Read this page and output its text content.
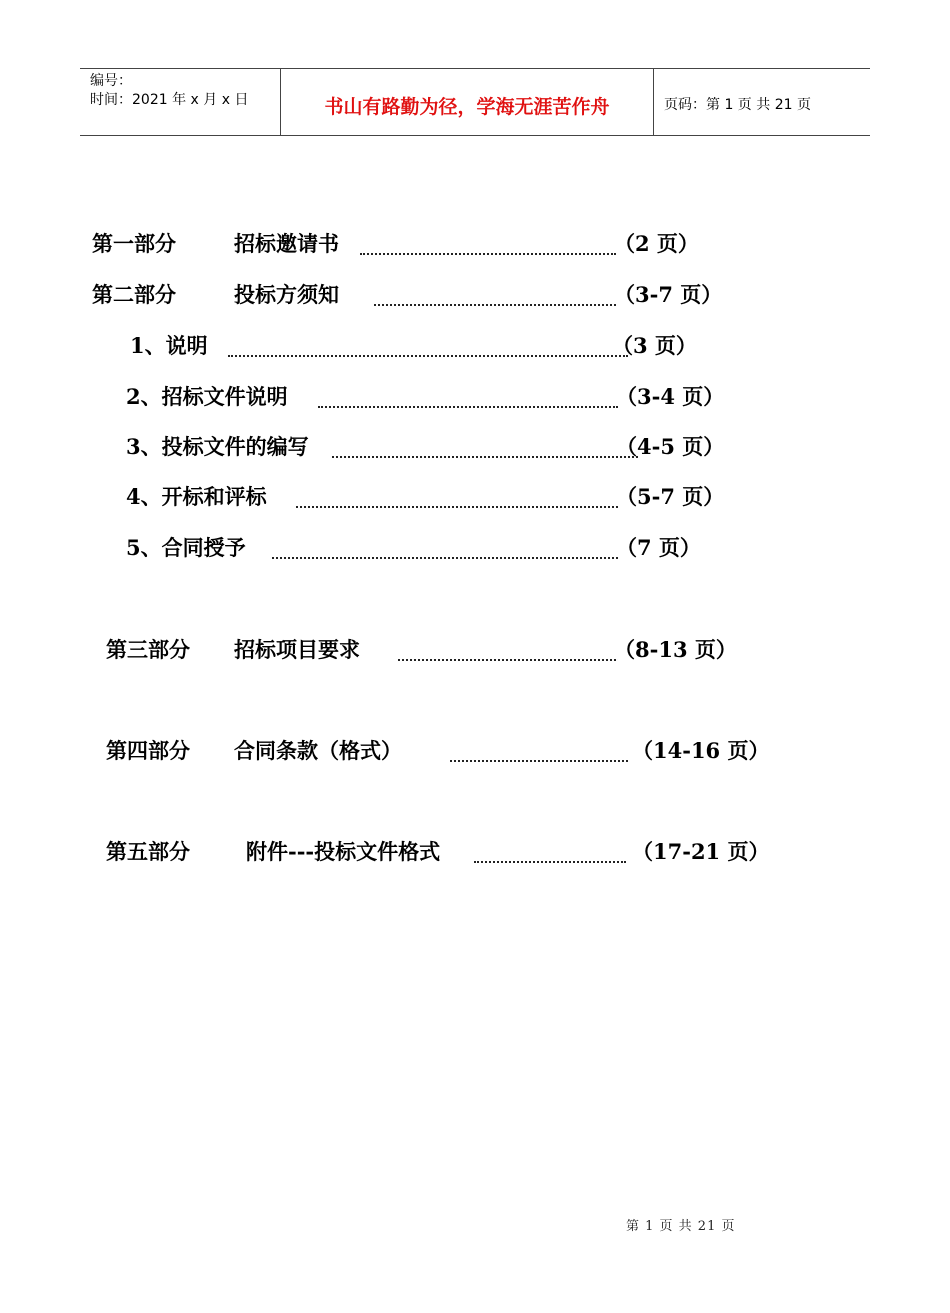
编号：
时间：2021 年 x 月 x 日	书山有路勤为径，学海无涯苦作舟	页码：第 1 页 共 21 页
第一部分	招标邀请书	（2 页）
第二部分	投标方须知	（3-7 页）
1、说明	（3 页）
2、招标文件说明	（3-4 页）
3、投标文件的编写	（4-5 页）
4、开标和评标	（5-7 页）
5、合同授予	（7 页）
第三部分 招标项目要求	（8-13 页）
第四部分 合同条款（格式）	（14-16 页）
第五部分	附件---投标文件格式	（17-21 页）
第 1 页 共 21 页
